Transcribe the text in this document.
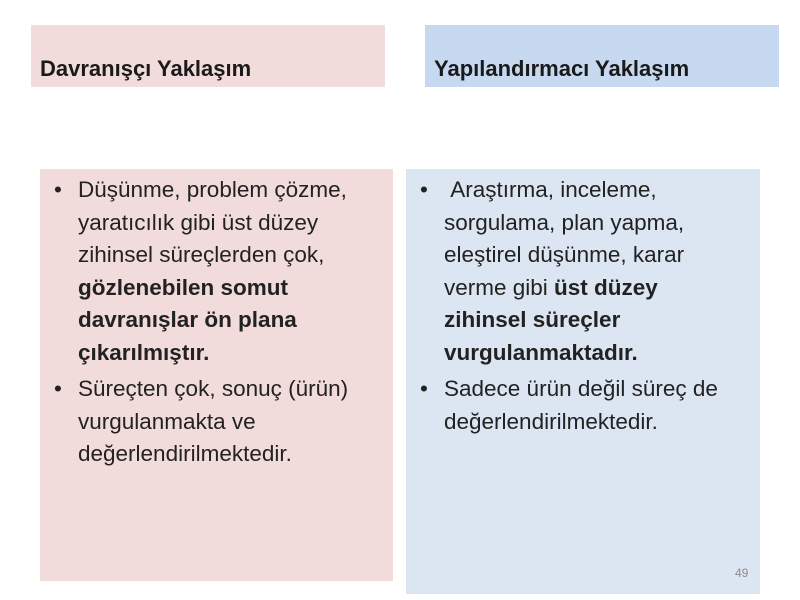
Davranışçı Yaklaşım	Yapılandırmacı Yaklaşım
• Düşünme, problem çözme, yaratıcılık gibi üst düzey zihinsel süreçlerden çok, gözlenebilen somut davranışlar ön plana çıkarılmıştır.
• Süreçten çok, sonuç (ürün) vurgulanmakta ve değerlendirilmektedir.
• Araştırma, inceleme, sorgulama, plan yapma, eleştirel düşünme, karar verme gibi üst düzey zihinsel süreçler vurgulanmaktadır.
• Sadece ürün değil süreç de değerlendirilmektedir.
49
